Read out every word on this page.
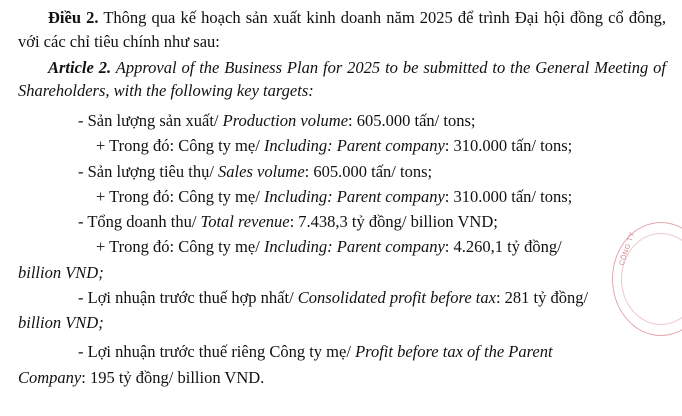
Điều 2. Thông qua kế hoạch sản xuất kinh doanh năm 2025 để trình Đại hội đồng cổ đông, với các chỉ tiêu chính như sau:

Article 2. Approval of the Business Plan for 2025 to be submitted to the General Meeting of Shareholders, with the following key targets:

- Sản lượng sản xuất/ Production volume: 605.000 tấn/ tons;

+ Trong đó: Công ty mẹ/ Including: Parent company: 310.000 tấn/ tons;

- Sản lượng tiêu thụ/ Sales volume: 605.000 tấn/ tons;

+ Trong đó: Công ty mẹ/ Including: Parent company: 310.000 tấn/ tons;

- Tổng doanh thu/ Total revenue: 7.438,3 tỷ đồng/ billion VND;

+ Trong đó: Công ty mẹ/ Including: Parent company: 4.260,1 tỷ đồng/

billion VND;

- Lợi nhuận trước thuế hợp nhất/ Consolidated profit before tax: 281 tỷ đồng/

billion VND;

- Lợi nhuận trước thuế riêng Công ty mẹ/ Profit before tax of the Parent

Company: 195 tỷ đồng/ billion VND.

CÔNG TY
